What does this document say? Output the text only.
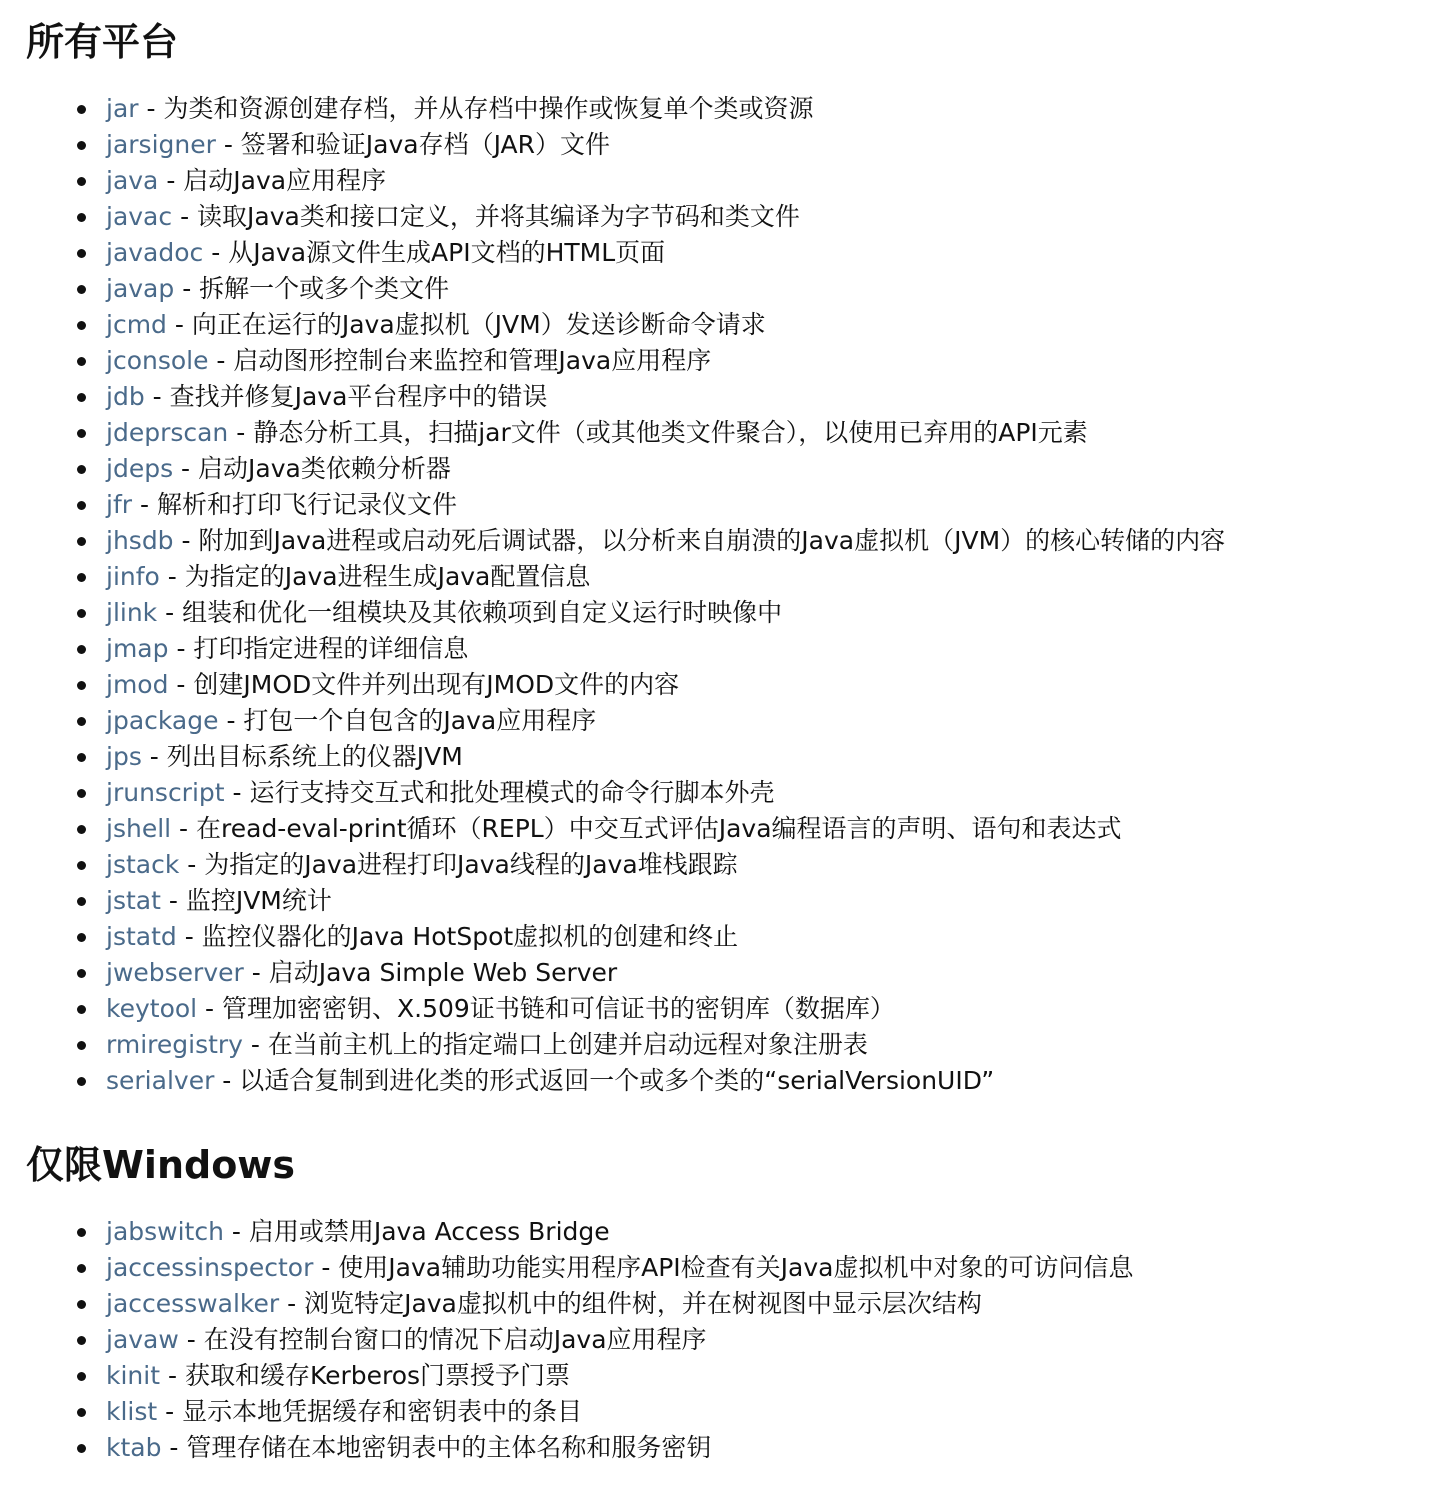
所有平台
jar - 为类和资源创建存档，并从存档中操作或恢复单个类或资源
jarsigner - 签署和验证Java存档（JAR）文件
java - 启动Java应用程序
javac - 读取Java类和接口定义，并将其编译为字节码和类文件
javadoc - 从Java源文件生成API文档的HTML页面
javap - 拆解一个或多个类文件
jcmd - 向正在运行的Java虚拟机（JVM）发送诊断命令请求
jconsole - 启动图形控制台来监控和管理Java应用程序
jdb - 查找并修复Java平台程序中的错误
jdeprscan - 静态分析工具，扫描jar文件（或其他类文件聚合），以使用已弃用的API元素
jdeps - 启动Java类依赖分析器
jfr - 解析和打印飞行记录仪文件
jhsdb - 附加到Java进程或启动死后调试器，以分析来自崩溃的Java虚拟机（JVM）的核心转储的内容
jinfo - 为指定的Java进程生成Java配置信息
jlink - 组装和优化一组模块及其依赖项到自定义运行时映像中
jmap - 打印指定进程的详细信息
jmod - 创建JMOD文件并列出现有JMOD文件的内容
jpackage - 打包一个自包含的Java应用程序
jps - 列出目标系统上的仪器JVM
jrunscript - 运行支持交互式和批处理模式的命令行脚本外壳
jshell - 在read-eval-print循环（REPL）中交互式评估Java编程语言的声明、语句和表达式
jstack - 为指定的Java进程打印Java线程的Java堆栈跟踪
jstat - 监控JVM统计
jstatd - 监控仪器化的Java HotSpot虚拟机的创建和终止
jwebserver - 启动Java Simple Web Server
keytool - 管理加密密钥、X.509证书链和可信证书的密钥库（数据库）
rmiregistry - 在当前主机上的指定端口上创建并启动远程对象注册表
serialver - 以适合复制到进化类的形式返回一个或多个类的“serialVersionUID”
仅限Windows
jabswitch - 启用或禁用Java Access Bridge
jaccessinspector - 使用Java辅助功能实用程序API检查有关Java虚拟机中对象的可访问信息
jaccesswalker - 浏览特定Java虚拟机中的组件树，并在树视图中显示层次结构
javaw - 在没有控制台窗口的情况下启动Java应用程序
kinit - 获取和缓存Kerberos门票授予门票
klist - 显示本地凭据缓存和密钥表中的条目
ktab - 管理存储在本地密钥表中的主体名称和服务密钥
